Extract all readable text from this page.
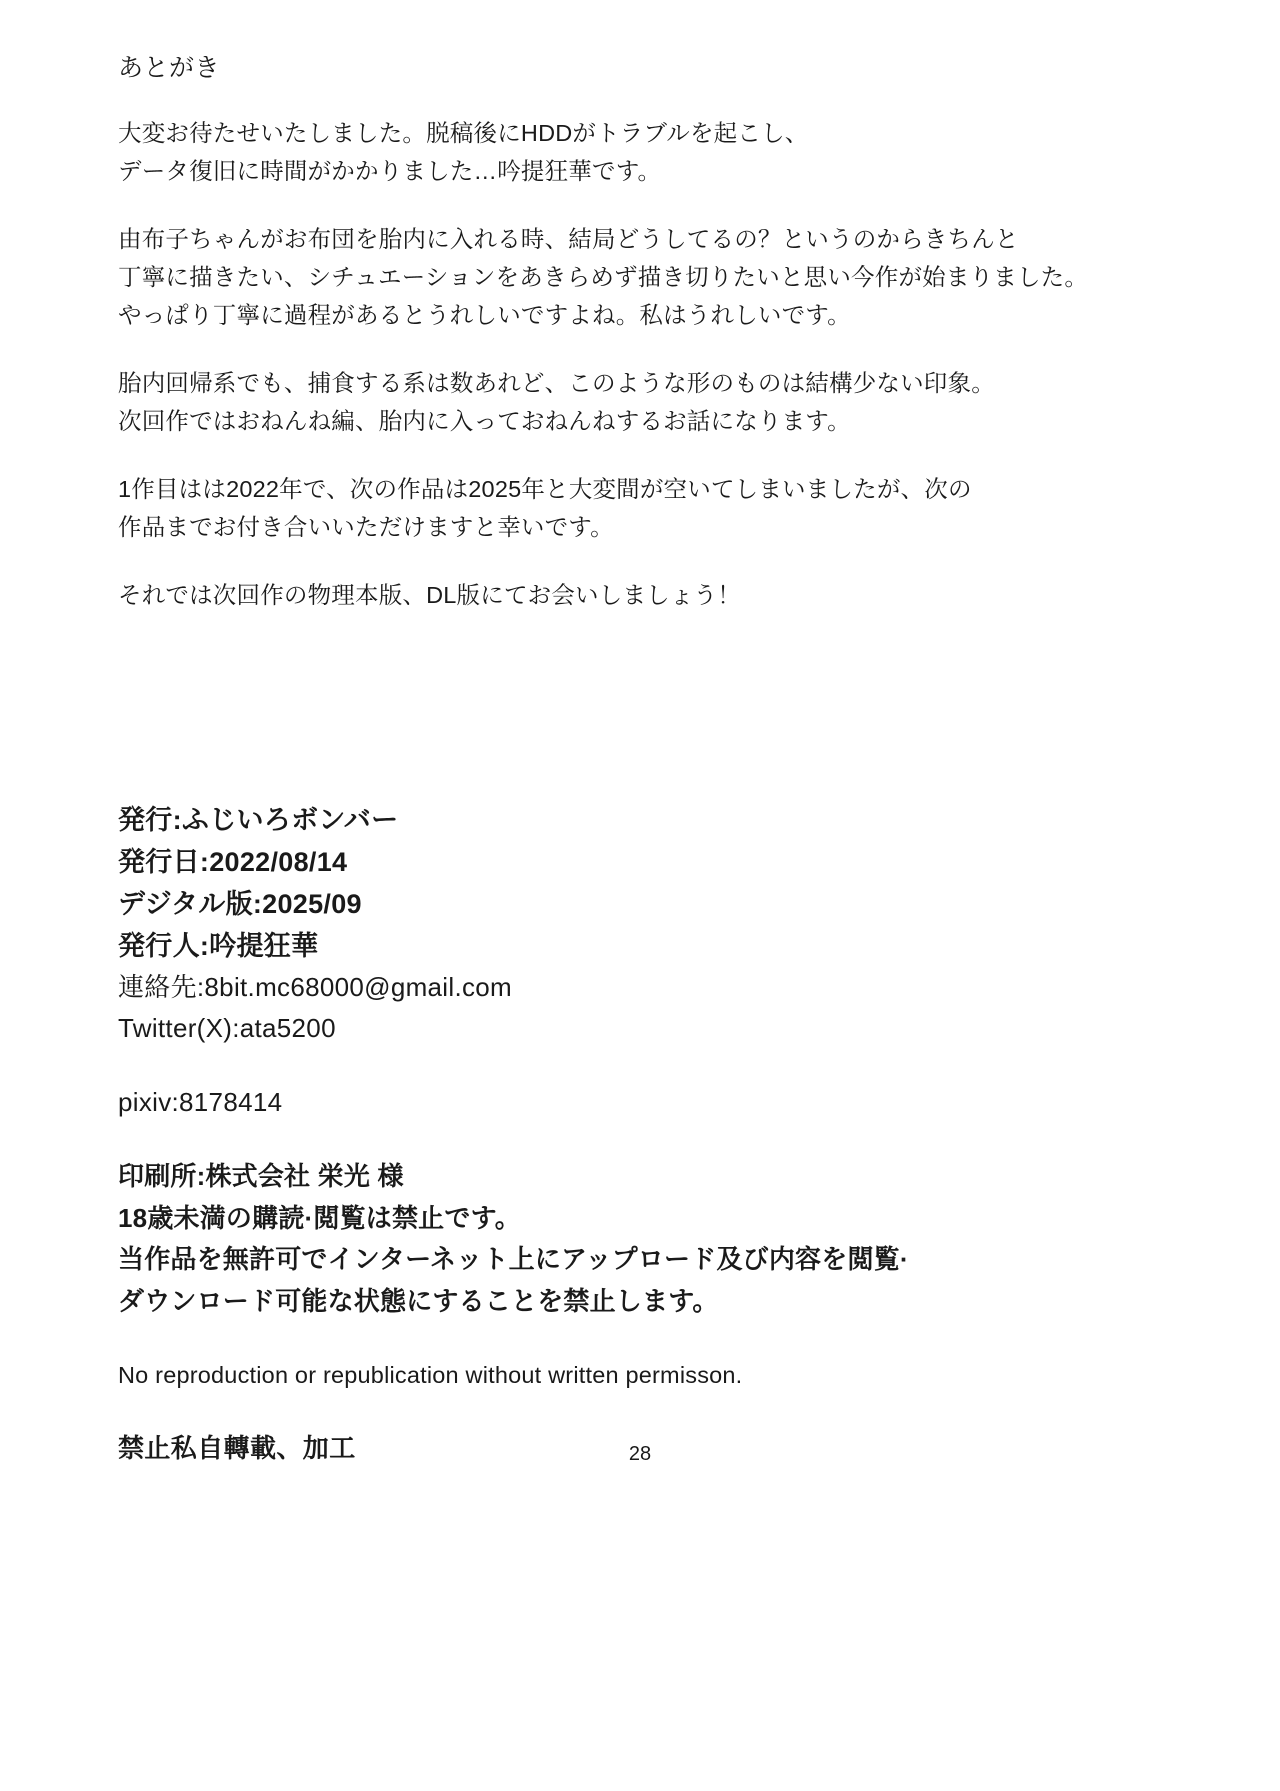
あとがき
大変お待たせいたしました。脱稿後にHDDがトラブルを起こし、
データ復旧に時間がかかりました…吟提狂華です。
由布子ちゃんがお布団を胎内に入れる時、結局どうしてるの？というのからきちんと
丁寧に描きたい、シチュエーションをあきらめず描き切りたいと思い今作が始まりました。
やっぱり丁寧に過程があるとうれしいですよね。私はうれしいです。
胎内回帰系でも、捕食する系は数あれど、このような形のものは結構少ない印象。
次回作ではおねんね編、胎内に入っておねんねするお話になります。
1作目はは2022年で、次の作品は2025年と大変間が空いてしまいましたが、次の
作品までお付き合いいただけますと幸いです。
それでは次回作の物理本版、DL版にてお会いしましょう！
発行:ふじいろボンバー
発行日:2022/08/14
デジタル版:2025/09
発行人:吟提狂華
連絡先:8bit.mc68000@gmail.com
Twitter(X):ata5200
pixiv:8178414
印刷所:株式会社 栄光 様
18歳未満の購読·閲覧は禁止です。
当作品を無許可でインターネット上にアップロード及び内容を閲覧·
ダウンロード可能な状態にすることを禁止します。
No reproduction or republication without written permisson.
禁止私自轉載、加工	28
